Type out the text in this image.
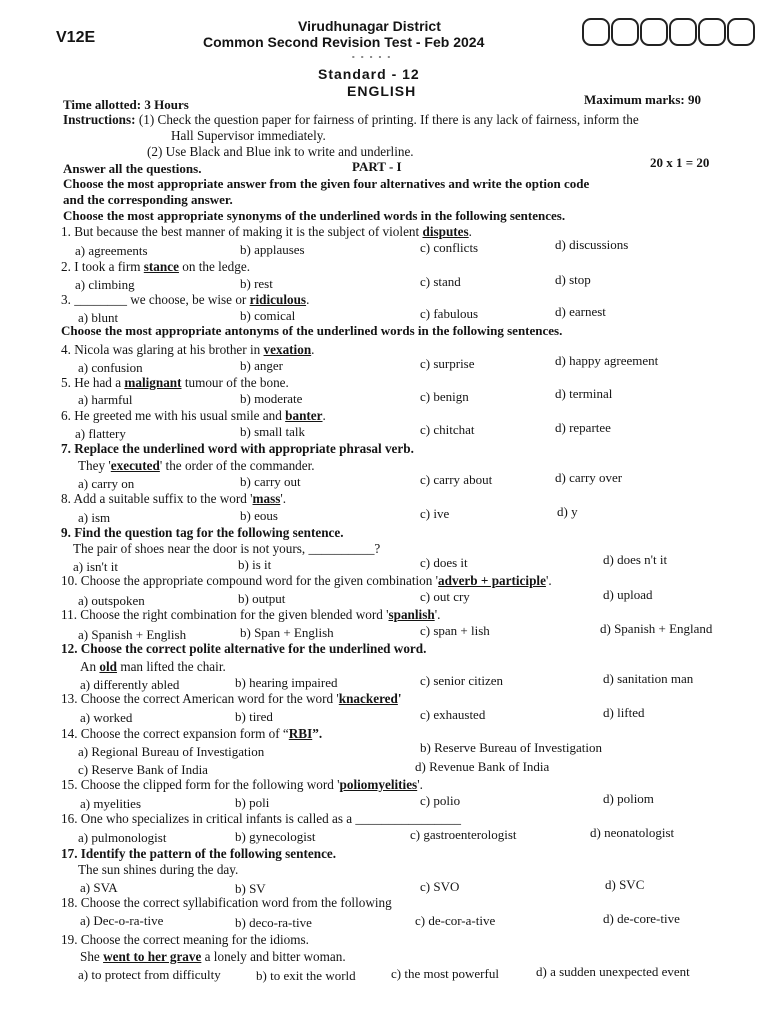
V12E
Virudhunagar District
Common Second Revision Test - Feb 2024
- - - - -
Standard - 12
ENGLISH
Time allotted: 3 Hours	Maximum marks: 90
Instructions: (1) Check the question paper for fairness of printing. If there is any lack of fairness, inform the
Hall Supervisor immediately.
(2) Use Black and Blue ink to write and underline.
Answer all the questions.	PART - I	20 x 1 = 20
Choose the most appropriate answer from the given four alternatives and write the option code
and the corresponding answer.
Choose the most appropriate synonyms of the underlined words in the following sentences.
1. But because the best manner of making it is the subject of violent disputes.
a) agreements	b) applauses	c) conflicts	d) discussions
2. I took a firm stance on the ledge.
a) climbing	b) rest	c) stand	d) stop
3. ________ we choose, be wise or ridiculous.
a) blunt	b) comical	c) fabulous	d) earnest
Choose the most appropriate antonyms of the underlined words in the following sentences.
4. Nicola was glaring at his brother in vexation.
a) confusion	b) anger	c) surprise	d) happy agreement
5. He had a malignant tumour of the bone.
a) harmful	b) moderate	c) benign	d) terminal
6. He greeted me with his usual smile and banter.
a) flattery	b) small talk	c) chitchat	d) repartee
7. Replace the underlined word with appropriate phrasal verb.
They 'executed' the order of the commander.
a) carry on	b) carry out	c) carry about	d) carry over
8. Add a suitable suffix to the word 'mass'.
a) ism	b) eous	c) ive	d) y
9. Find the question tag for the following sentence.
The pair of shoes near the door is not yours, __________?
a) isn't it	b) is it	c) does it	d) does n't it
10. Choose the appropriate compound word for the given combination 'adverb + participle'.
a) outspoken	b) output	c) out cry	d) upload
11. Choose the right combination for the given blended word 'spanlish'.
a) Spanish + English	b) Span + English	c) span + lish	d) Spanish + England
12. Choose the correct polite alternative for the underlined word.
An old man lifted the chair.
a) differently abled	b) hearing impaired	c) senior citizen	d) sanitation man
13. Choose the correct American word for the word 'knackered'
a) worked	b) tired	c) exhausted	d) lifted
14. Choose the correct expansion form of “RBI”.
a) Regional Bureau of Investigation	b) Reserve Bureau of Investigation
c) Reserve Bank of India	d) Revenue Bank of India
15. Choose the clipped form for the following word 'poliomyelities'.
a) myelities	b) poli	c) polio	d) poliom
16. One who specializes in critical infants is called as a ________________
a) pulmonologist	b) gynecologist	c) gastroenterologist	d) neonatologist
17. Identify the pattern of the following sentence.
The sun shines during the day.
a) SVA	b) SV	c) SVO	d) SVC
18. Choose the correct syllabification word from the following
a) Dec-o-ra-tive	b) deco-ra-tive	c) de-cor-a-tive	d) de-core-tive
19. Choose the correct meaning for the idioms.
She went to her grave a lonely and bitter woman.
a) to protect from difficulty	b) to exit the world	c) the most powerful	d) a sudden unexpected event
